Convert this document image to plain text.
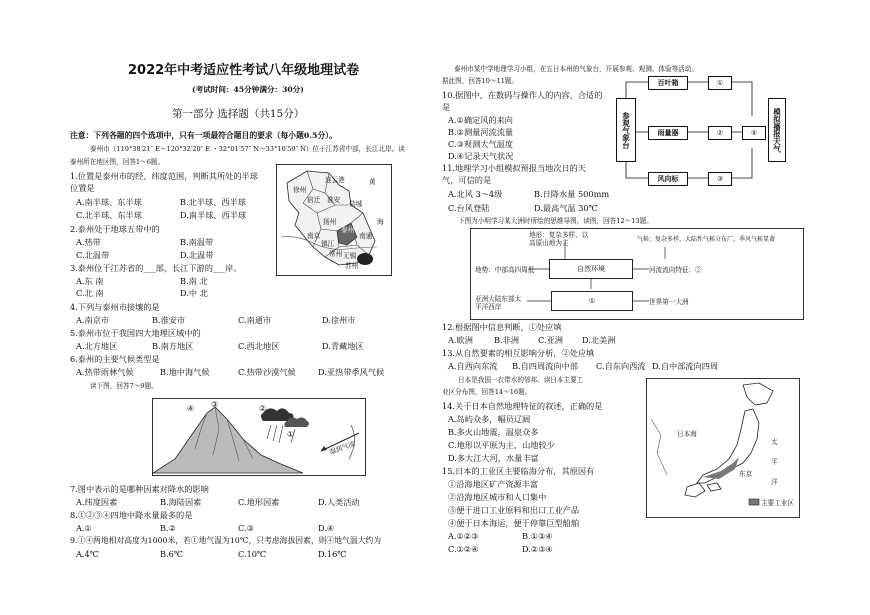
2022年中考适应性考试八年级地理试卷
(考试时间：45分钟满分：30分)
第一部分 选择题（共15分）
注意：下列各题的四个选项中，只有一项最符合题目的要求（每小题0.5分）。
泰州市（119°38′21″ E～120°32′20″ E ・32°01′57″ N～33°10′59″ N）位于江苏省中部，长江北岸。读
泰州所在地区图，回答1～6题。
1.位置是泰州市的经、纬度范围，判断其所处的半球
位置是
A.南半球、东半球	B.北半球、西半球
C.北半球、东半球	D.南半球、西半球
2.泰州处于地球五带中的
A.热带	B.南温带
C.北温带	D.北温带
3.泰州位于江苏省的___部，长江下游的___岸。
A.东 南	B.南 北
C.北 南	D.中 北
4.下列与泰州市接壤的是
A.南京市	B.淮安市	C.南通市	D.徐州市
5.泰州市位于我国四大地理区域中的
A.北方地区	B.南方地区	C.西北地区	D.青藏地区
6.泰州的主要气候类型是
A.热带雨林气候	B.地中海气候	C.热带沙漠气候	D.亚热带季风气候
读下图，回答7～9题。
黄
海
徐州
连云港
宿迁 淮安 盐城
扬州
泰州
南通
南京
镇江
常州 无锡
苏州
④ ③	②
①
湿润气流
7.图中表示的是哪种因素对降水的影响
A.纬度因素	B.海陆因素	C.地形因素	D.人类活动
8.①②③④四地中降水量最多的是
A.①	B.②	C.③	D.④
9.①④两地相对高度为1000米，若①地气温为10℃，只考虑海拔因素，则④地气温大约为
A.4℃	B.6℃	C.10℃	D.16℃
泰州市某中学地理学习小组，在五日本州的气象台，开展参观、观测、体验等活动。
据此图，回答10～11题。
10.据图中，在数码与操作人的内容，合适的
是
A.①确定风的来向
B.②测量河流流量
C.③观测大气温度
D.④记录天气状况
11.地理学习小组模拟预报当地次日的天
气，可信的是
A.北风 3～4级	B.日降水量 500mm
C.台风登陆	D.最高气温 30℃
参观气象台
百叶箱
雨量器
风向标
①
②
③
④	模拟播报天气
下图为小明学习某大洲时所绘的思维导图，读图，回答12～13题。
自然环境
①
地形：复杂多样，以高原山地为主	气候：复杂多样，大陆性气候分布广，季风气候显著
地势：中部高四周低	河流流向特征：②
亚洲大陆东部太平洋西岸
世界第一大洲
12.根据图中信息判断，①处应填
A.欧洲	B.非洲 C.亚洲 D.北美洲
13.从自然要素的相互影响分析，②处应填
A.自西向东流 B.自四周流向中部 C.自东向西流 D.自中部流向四周
日本是我国一衣带水的邻邦。读日本主要工
业区分布图，回答14～16题。
14.关于日本自然地理特征的叙述，正确的是
A.岛屿众多，幅员辽阔
B.多火山地震，温泉众多
C.地形以平原为主，山地较少
D.多大江大河，水量丰富
15.日本的工业区主要临海分布，其原因有
①沿海地区矿产资源丰富
②沿海地区城市和人口集中
③便于进口工业原料和出口工业产品
④便于日本海运，便于停靠巨型船舶
A.①②③	B.①③④
C.①②④	D.②③④
日本海
太
平
洋
东京
主要工业区
